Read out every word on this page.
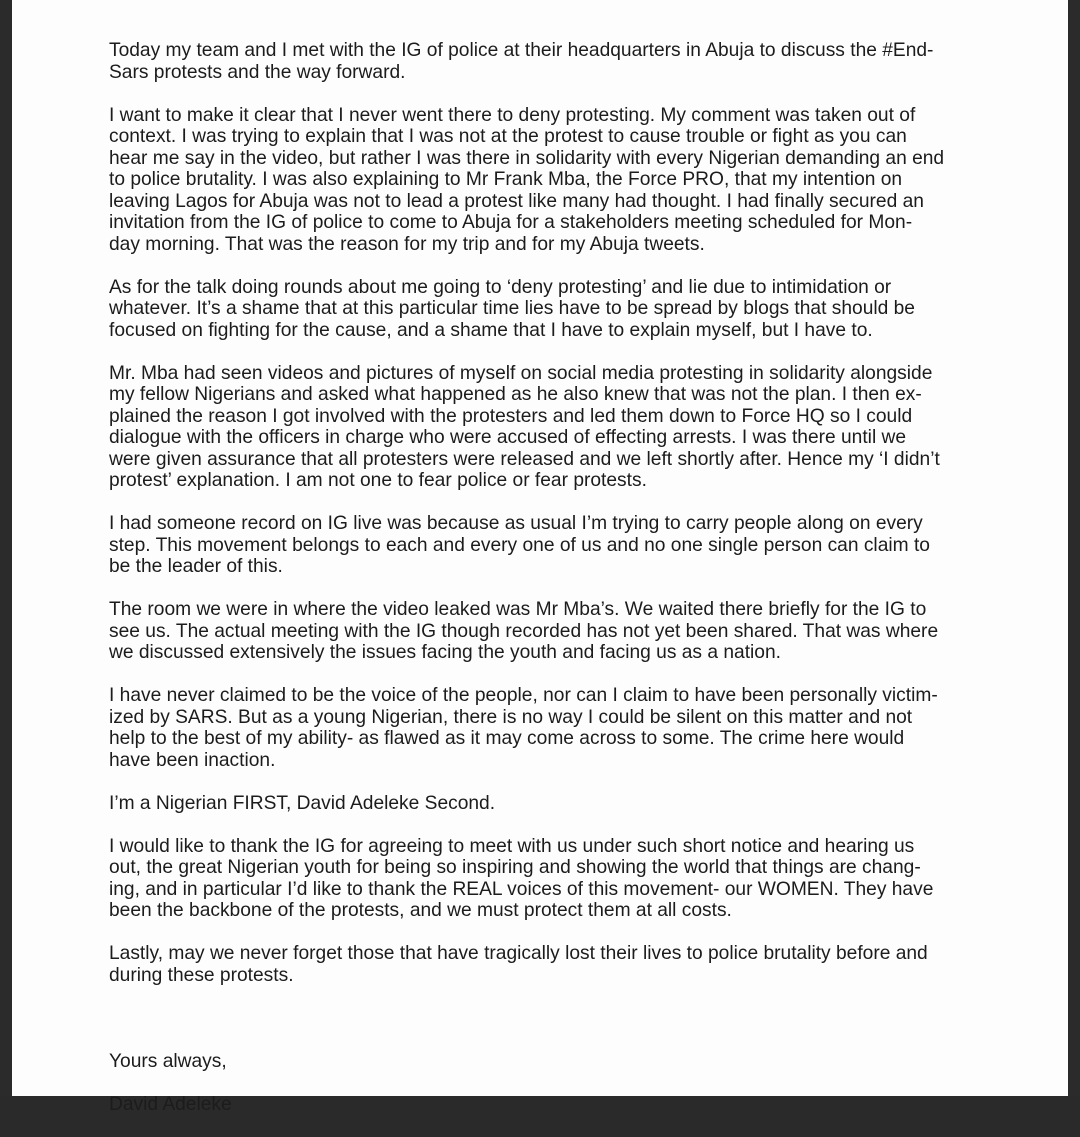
Today my team and I met with the IG of police at their headquarters in Abuja to discuss the #End-
Sars protests and the way forward.

I want to make it clear that I never went there to deny protesting. My comment was taken out of
context. I was trying to explain that I was not at the protest to cause trouble or fight as you can
hear me say in the video, but rather I was there in solidarity with every Nigerian demanding an end
to police brutality. I was also explaining to Mr Frank Mba, the Force PRO, that my intention on
leaving Lagos for Abuja was not to lead a protest like many had thought. I had finally secured an
invitation from the IG of police to come to Abuja for a stakeholders meeting scheduled for Mon-
day morning. That was the reason for my trip and for my Abuja tweets.

As for the talk doing rounds about me going to ‘deny protesting’ and lie due to intimidation or
whatever. It’s a shame that at this particular time lies have to be spread by blogs that should be
focused on fighting for the cause, and a shame that I have to explain myself, but I have to.

Mr. Mba had seen videos and pictures of myself on social media protesting in solidarity alongside
my fellow Nigerians and asked what happened as he also knew that was not the plan. I then ex-
plained the reason I got involved with the protesters and led them down to Force HQ so I could
dialogue with the officers in charge who were accused of effecting arrests. I was there until we
were given assurance that all protesters were released and we left shortly after. Hence my ‘I didn’t
protest’ explanation. I am not one to fear police or fear protests.

I had someone record on IG live was because as usual I’m trying to carry people along on every
step. This movement belongs to each and every one of us and no one single person can claim to
be the leader of this.

The room we were in where the video leaked was Mr Mba’s. We waited there briefly for the IG to
see us. The actual meeting with the IG though recorded has not yet been shared. That was where
we discussed extensively the issues facing the youth and facing us as a nation.

I have never claimed to be the voice of the people, nor can I claim to have been personally victim-
ized by SARS. But as a young Nigerian, there is no way I could be silent on this matter and not
help to the best of my ability- as flawed as it may come across to some. The crime here would
have been inaction.

I’m a Nigerian FIRST, David Adeleke Second.

I would like to thank the IG for agreeing to meet with us under such short notice and hearing us
out, the great Nigerian youth for being so inspiring and showing the world that things are chang-
ing, and in particular I’d like to thank the REAL voices of this movement- our WOMEN. They have
been the backbone of the protests, and we must protect them at all costs.

Lastly, may we never forget those that have tragically lost their lives to police brutality before and
during these protests.

Yours always,

David Adeleke
